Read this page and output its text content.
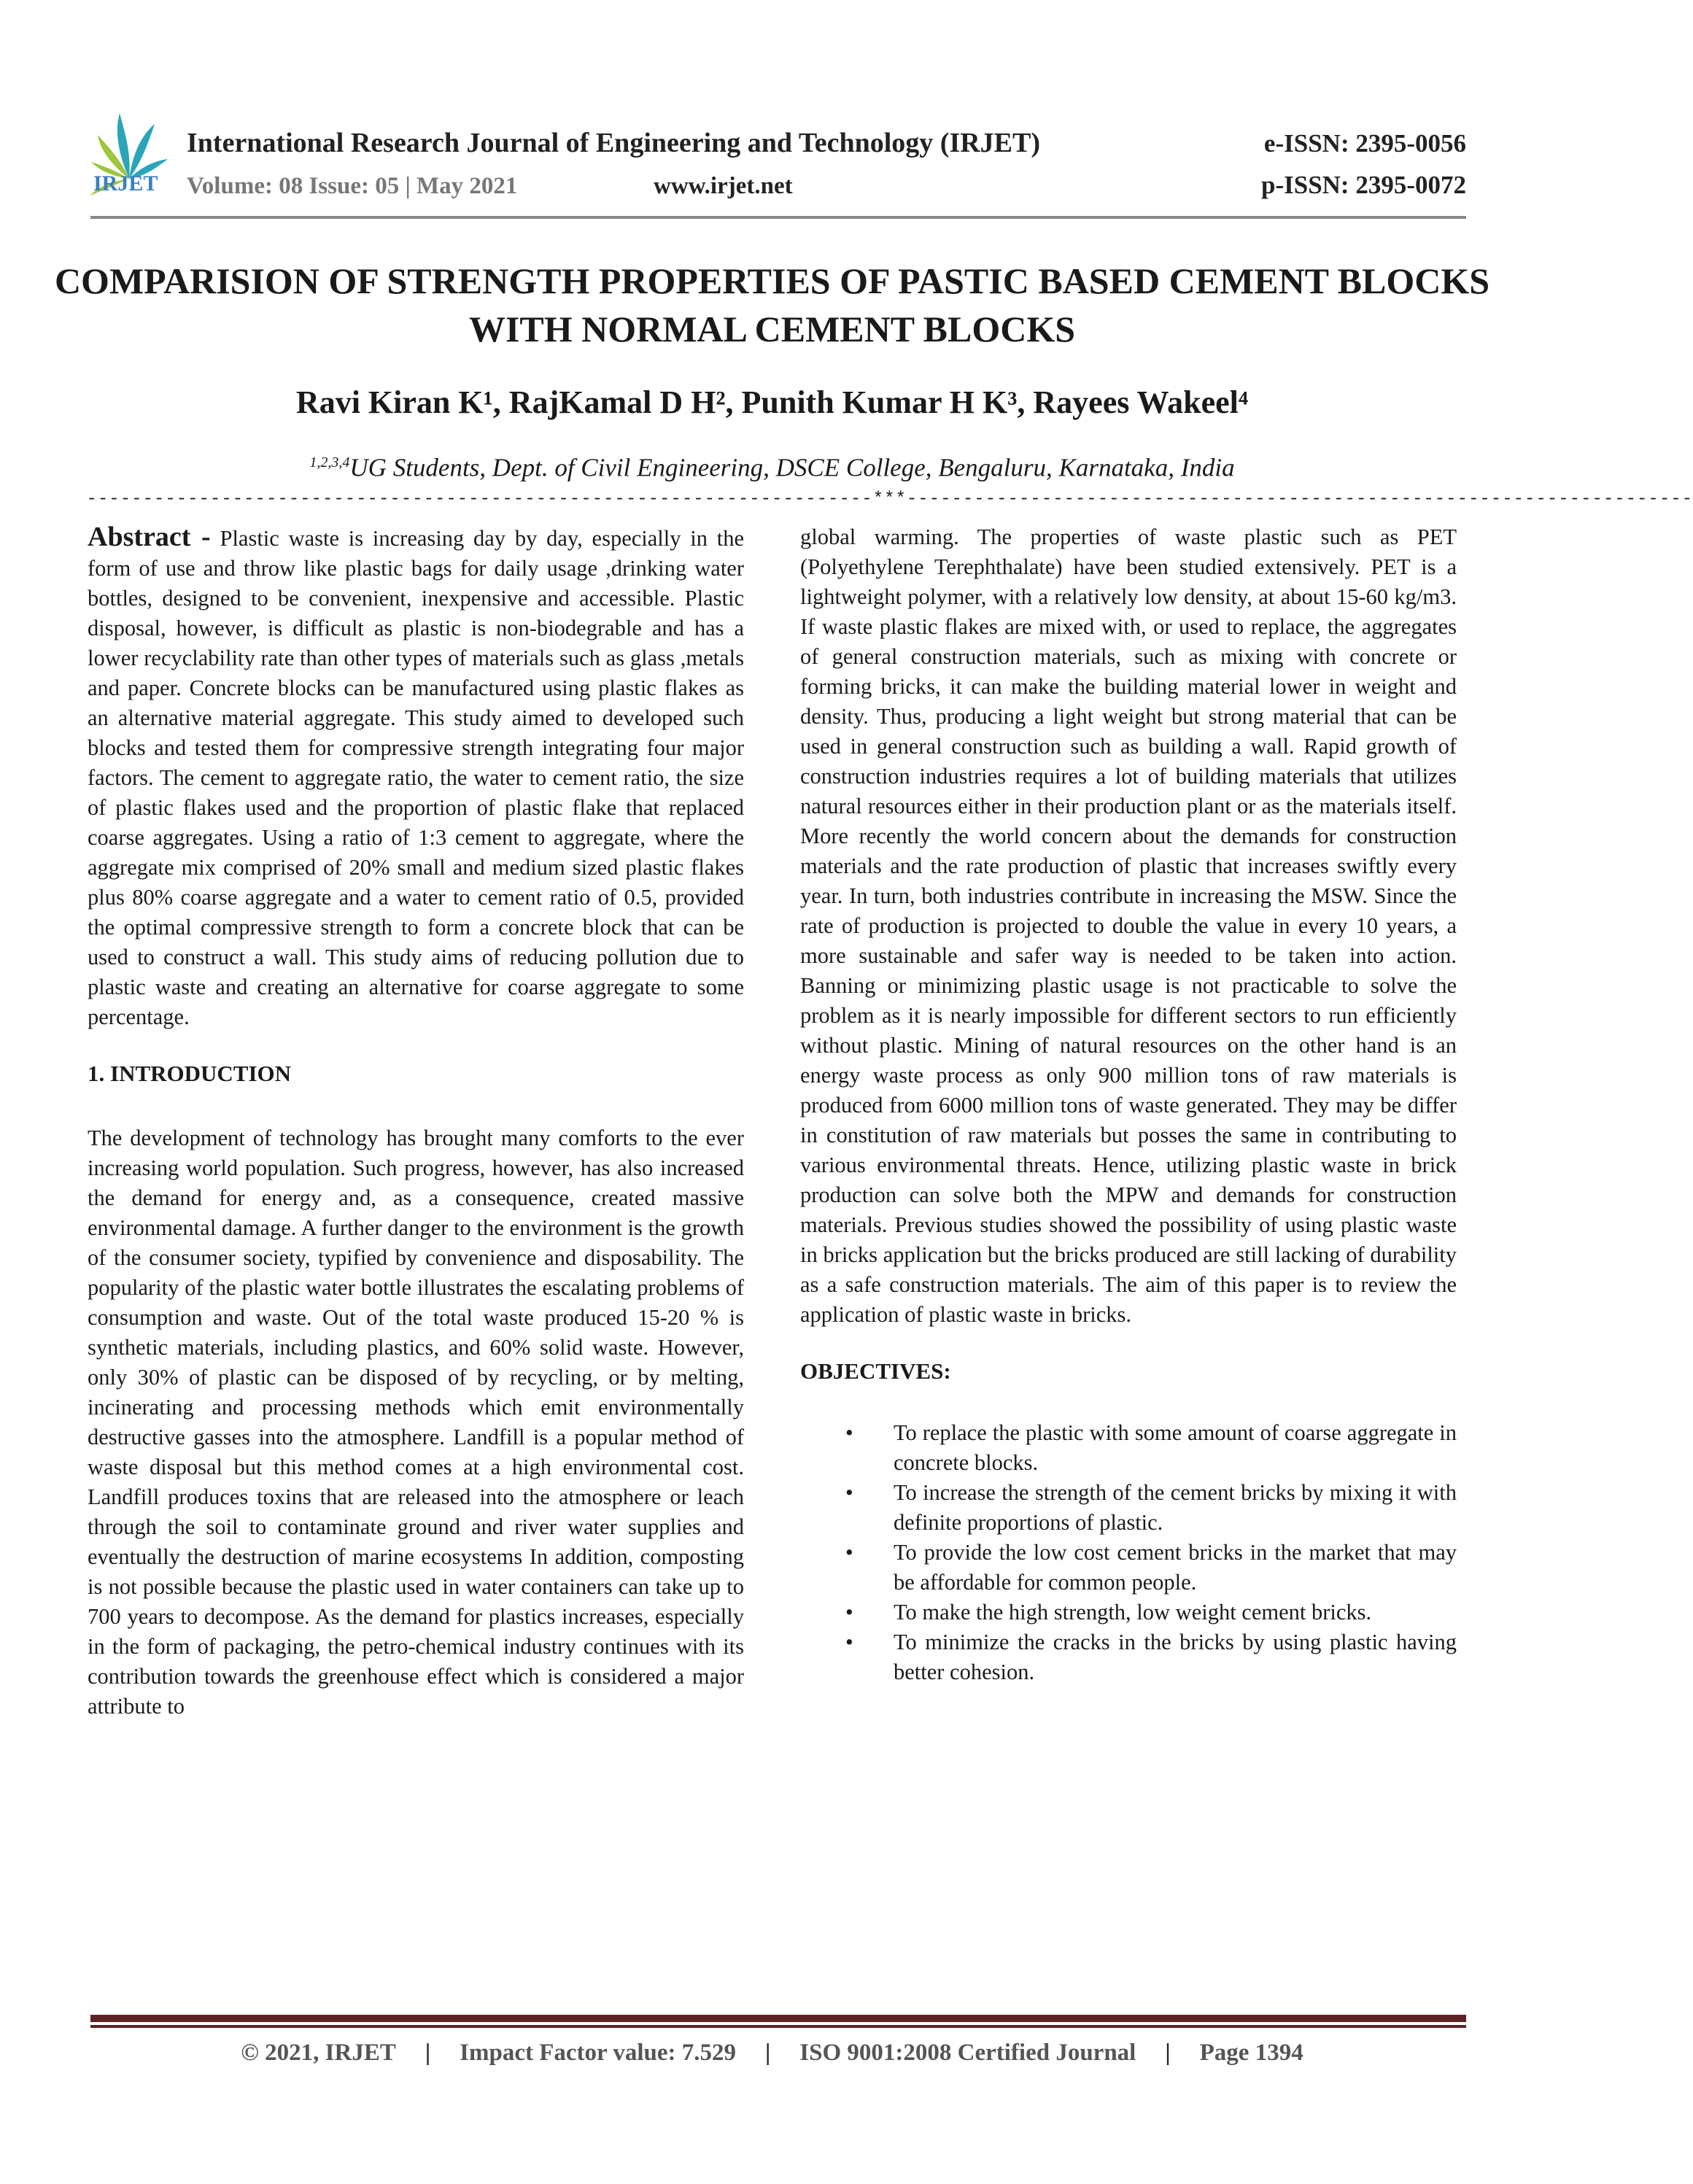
IRJET
International Research Journal of Engineering and Technology (IRJET)	e-ISSN: 2395-0056
Volume: 08 Issue: 05 | May 2021	www.irjet.net	p-ISSN: 2395-0072
COMPARISION OF STRENGTH PROPERTIES OF PASTIC BASED CEMENT BLOCKS WITH NORMAL CEMENT BLOCKS
Ravi Kiran K¹, RajKamal D H², Punith Kumar H K³, Rayees Wakeel⁴
$^{1,2,3,4}$UG Students, Dept. of Civil Engineering, DSCE College, Bengaluru, Karnataka, India
----------------------------------------------------------------------***----------------------------------------------------------------------

Abstract - Plastic waste is increasing day by day, especially in the form of use and throw like plastic bags for daily usage ,drinking water bottles, designed to be convenient, inexpensive and accessible. Plastic disposal, however, is difficult as plastic is non-biodegrable and has a lower recyclability rate than other types of materials such as glass ,metals and paper. Concrete blocks can be manufactured using plastic flakes as an alternative material aggregate. This study aimed to developed such blocks and tested them for compressive strength integrating four major factors. The cement to aggregate ratio, the water to cement ratio, the size of plastic flakes used and the proportion of plastic flake that replaced coarse aggregates. Using a ratio of 1:3 cement to aggregate, where the aggregate mix comprised of 20% small and medium sized plastic flakes plus 80% coarse aggregate and a water to cement ratio of 0.5, provided the optimal compressive strength to form a concrete block that can be used to construct a wall. This study aims of reducing pollution due to plastic waste and creating an alternative for coarse aggregate to some percentage.

1. INTRODUCTION

The development of technology has brought many comforts to the ever increasing world population. Such progress, however, has also increased the demand for energy and, as a consequence, created massive environmental damage. A further danger to the environment is the growth of the consumer society, typified by convenience and disposability. The popularity of the plastic water bottle illustrates the escalating problems of consumption and waste. Out of the total waste produced 15-20 % is synthetic materials, including plastics, and 60% solid waste. However, only 30% of plastic can be disposed of by recycling, or by melting, incinerating and processing methods which emit environmentally destructive gasses into the atmosphere. Landfill is a popular method of waste disposal but this method comes at a high environmental cost. Landfill produces toxins that are released into the atmosphere or leach through the soil to contaminate ground and river water supplies and eventually the destruction of marine ecosystems In addition, composting is not possible because the plastic used in water containers can take up to 700 years to decompose. As the demand for plastics increases, especially in the form of packaging, the petro-chemical industry continues with its contribution towards the greenhouse effect which is considered a major attribute to

global warming. The properties of waste plastic such as PET (Polyethylene Terephthalate) have been studied extensively. PET is a lightweight polymer, with a relatively low density, at about 15-60 kg/m3. If waste plastic flakes are mixed with, or used to replace, the aggregates of general construction materials, such as mixing with concrete or forming bricks, it can make the building material lower in weight and density. Thus, producing a light weight but strong material that can be used in general construction such as building a wall. Rapid growth of construction industries requires a lot of building materials that utilizes natural resources either in their production plant or as the materials itself. More recently the world concern about the demands for construction materials and the rate production of plastic that increases swiftly every year. In turn, both industries contribute in increasing the MSW. Since the rate of production is projected to double the value in every 10 years, a more sustainable and safer way is needed to be taken into action. Banning or minimizing plastic usage is not practicable to solve the problem as it is nearly impossible for different sectors to run efficiently without plastic. Mining of natural resources on the other hand is an energy waste process as only 900 million tons of raw materials is produced from 6000 million tons of waste generated. They may be differ in constitution of raw materials but posses the same in contributing to various environmental threats. Hence, utilizing plastic waste in brick production can solve both the MPW and demands for construction materials. Previous studies showed the possibility of using plastic waste in bricks application but the bricks produced are still lacking of durability as a safe construction materials. The aim of this paper is to review the application of plastic waste in bricks.

OBJECTIVES:
• To replace the plastic with some amount of coarse aggregate in concrete blocks.
• To increase the strength of the cement bricks by mixing it with definite proportions of plastic.
• To provide the low cost cement bricks in the market that may be affordable for common people.
• To make the high strength, low weight cement bricks.
• To minimize the cracks in the bricks by using plastic having better cohesion.
© 2021, IRJET | Impact Factor value: 7.529 | ISO 9001:2008 Certified Journal | Page 1394
